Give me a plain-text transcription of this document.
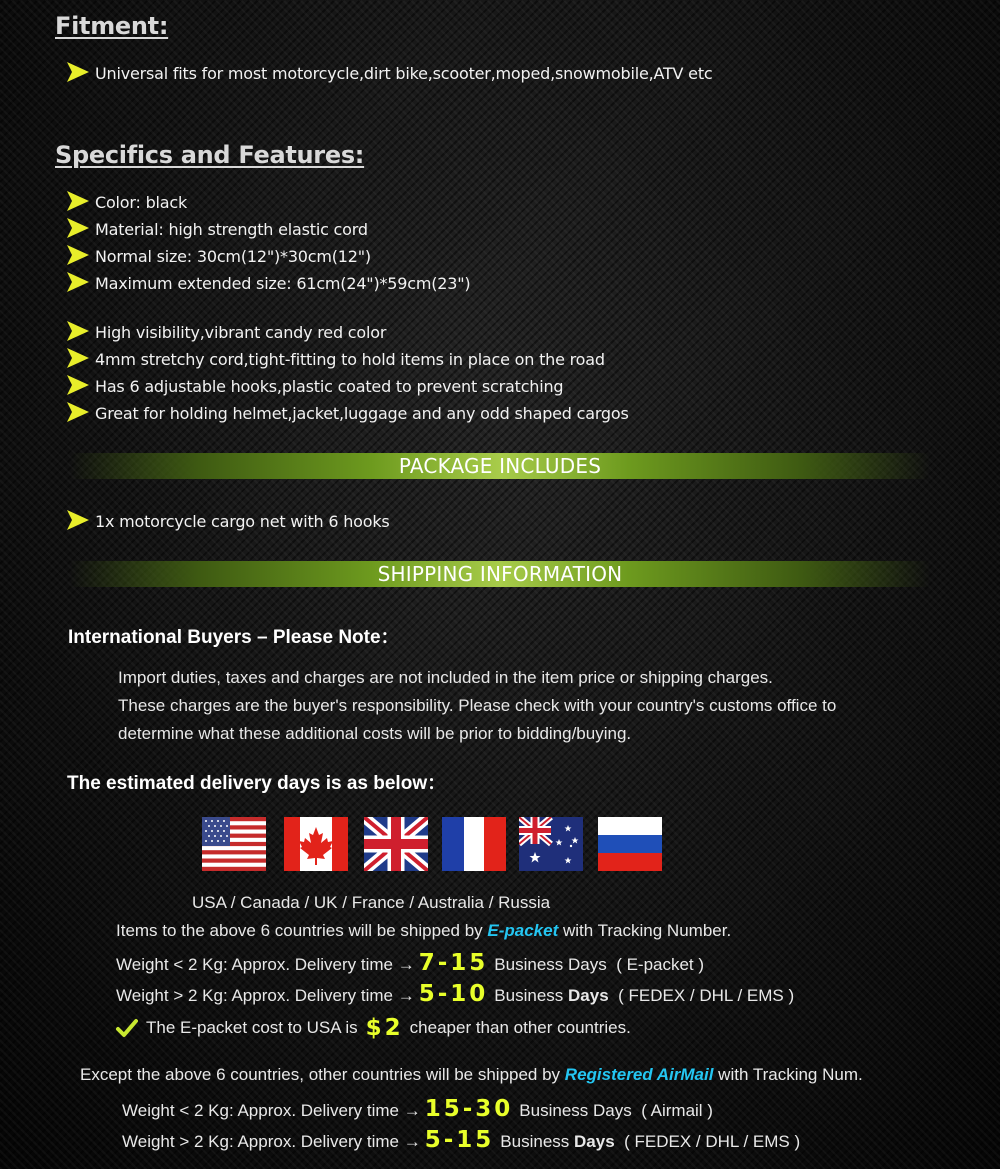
Fitment:
Universal fits for most motorcycle,dirt bike,scooter,moped,snowmobile,ATV etc
Specifics and Features:
Color: black
Material: high strength elastic cord
Normal size: 30cm(12")*30cm(12")
Maximum extended size: 61cm(24")*59cm(23")
High visibility,vibrant candy red color
4mm stretchy cord,tight-fitting to hold items in place on the road
Has 6 adjustable hooks,plastic coated to prevent scratching
Great for holding helmet,jacket,luggage and any odd shaped cargos
PACKAGE INCLUDES
1x motorcycle cargo net with 6 hooks
SHIPPING INFORMATION
International Buyers – Please Note：
Import duties, taxes and charges are not included in the item price or shipping charges.
These charges are the buyer's responsibility. Please check with your country's customs office to
determine what these additional costs will be prior to bidding/buying.
The estimated delivery days is as below：
USA / Canada / UK / France / Australia / Russia
Items to the above 6 countries will be shipped by E-packet with Tracking Number.
Weight < 2 Kg: Approx. Delivery time → 7-15 Business Days ( E-packet )
Weight > 2 Kg: Approx. Delivery time → 5-10 Business Days ( FEDEX / DHL / EMS )
The E-packet cost to USA is $2 cheaper than other countries.
Except the above 6 countries, other countries will be shipped by Registered AirMail with Tracking Num.
Weight < 2 Kg: Approx. Delivery time → 15-30 Business Days ( Airmail )
Weight > 2 Kg: Approx. Delivery time → 5-15 Business Days ( FEDEX / DHL / EMS )
